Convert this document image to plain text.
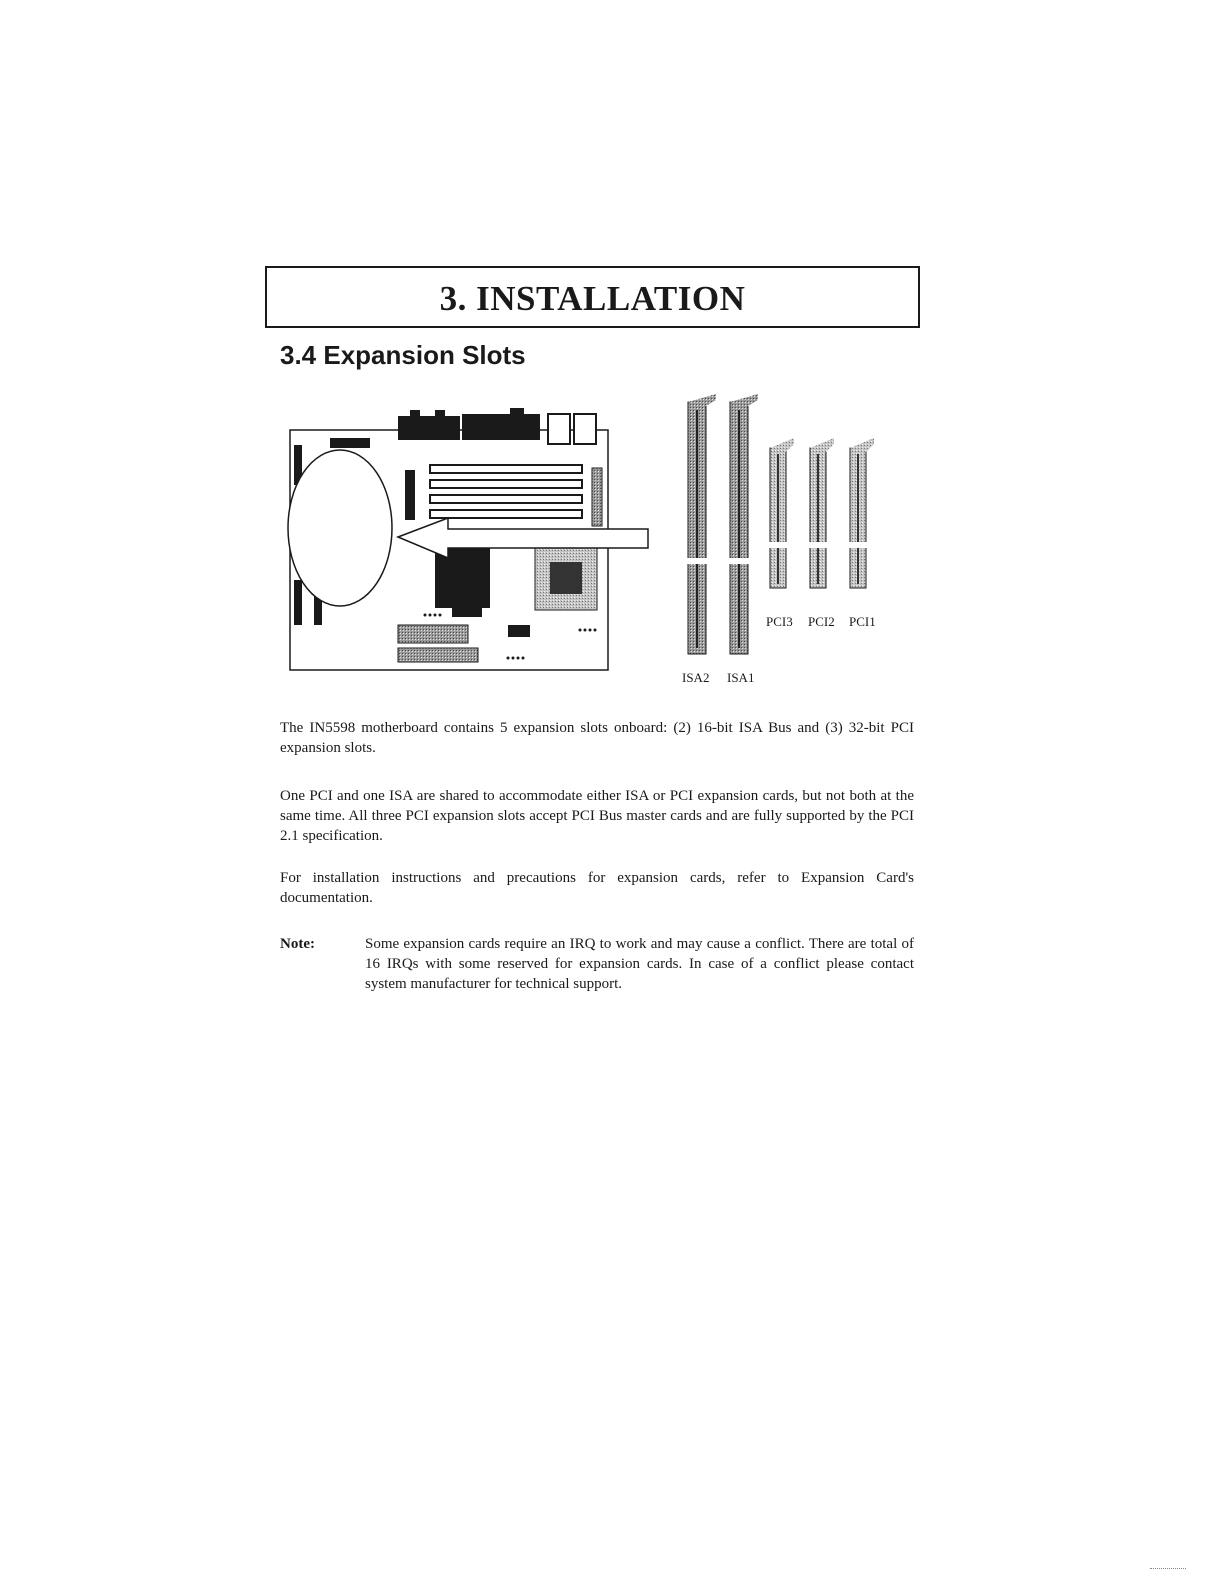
3. INSTALLATION
3.4 Expansion Slots
PCI3 PCI2 PCI1
ISA2 ISA1

The IN5598 motherboard contains 5 expansion slots onboard: (2) 16-bit ISA Bus and (3) 32-bit PCI expansion slots.

One PCI and one ISA are shared to accommodate either ISA or PCI expansion cards, but not both at the same time. All three PCI expansion slots accept PCI Bus master cards and are fully supported by the PCI 2.1 specification.

For installation instructions and precautions for expansion cards, refer to Expansion Card's documentation.

Note:	Some expansion cards require an IRQ to work and may cause a conflict. There are total of 16 IRQs with some reserved for expansion cards. In case of a conflict please contact system manufacturer for technical support.
